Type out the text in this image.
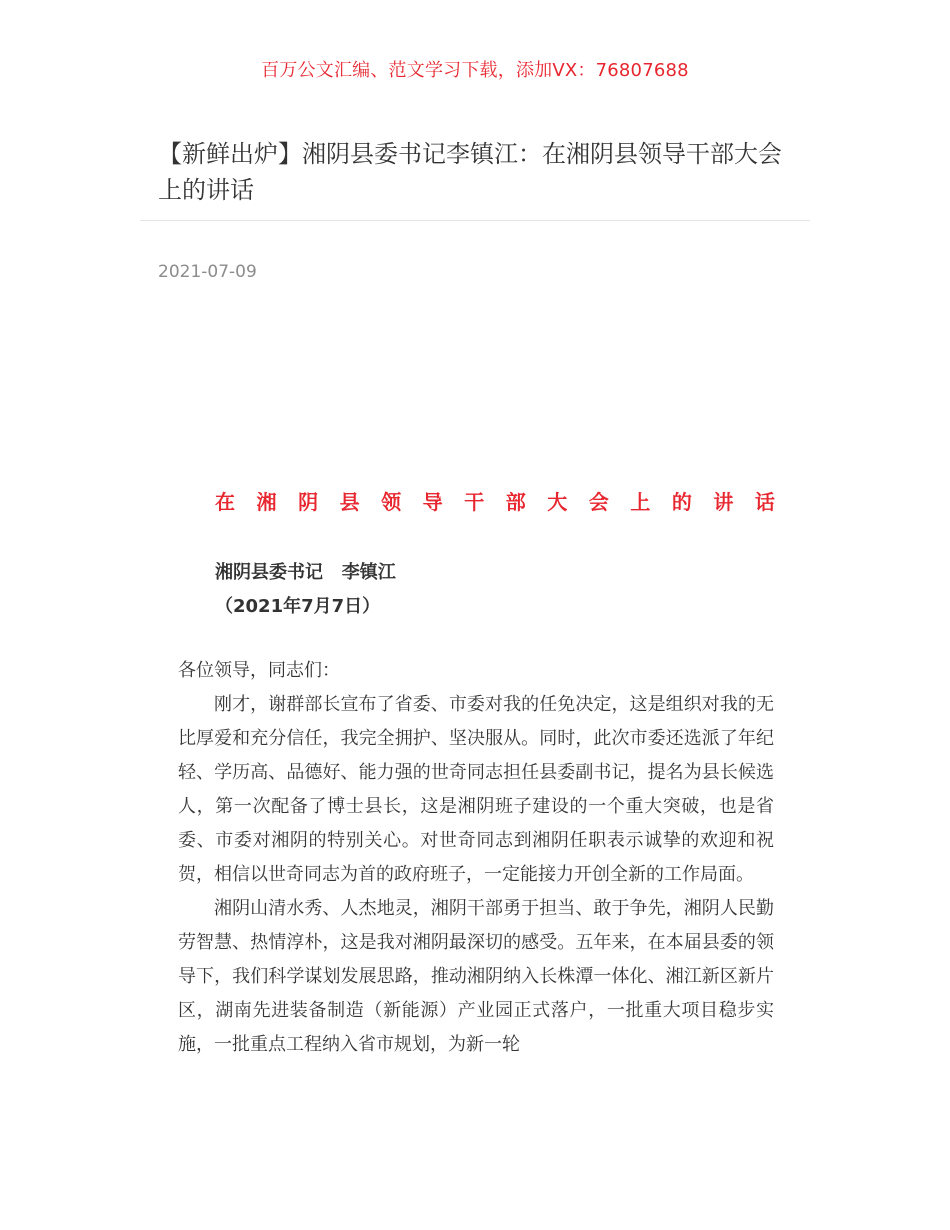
百万公文汇编、范文学习下载，添加VX：76807688
【新鲜出炉】湘阴县委书记李镇江：在湘阴县领导干部大会上的讲话
2021-07-09
在 湘 阴 县 领 导 干 部 大 会 上 的 讲 话
湘阴县委书记   李镇江
（2021年7月7日）

各位领导，同志们：

刚才，谢群部长宣布了省委、市委对我的任免决定，这是组织对我的无比厚爱和充分信任，我完全拥护、坚决服从。同时，此次市委还选派了年纪轻、学历高、品德好、能力强的世奇同志担任县委副书记，提名为县长候选人，第一次配备了博士县长，这是湘阴班子建设的一个重大突破，也是省委、市委对湘阴的特别关心。对世奇同志到湘阴任职表示诚挚的欢迎和祝贺，相信以世奇同志为首的政府班子，一定能接力开创全新的工作局面。

湘阴山清水秀、人杰地灵，湘阴干部勇于担当、敢于争先，湘阴人民勤劳智慧、热情淳朴，这是我对湘阴最深切的感受。五年来，在本届县委的领导下，我们科学谋划发展思路，推动湘阴纳入长株潭一体化、湘江新区新片区，湖南先进装备制造（新能源）产业园正式落户，一批重大项目稳步实施，一批重点工程纳入省市规划，为新一轮
